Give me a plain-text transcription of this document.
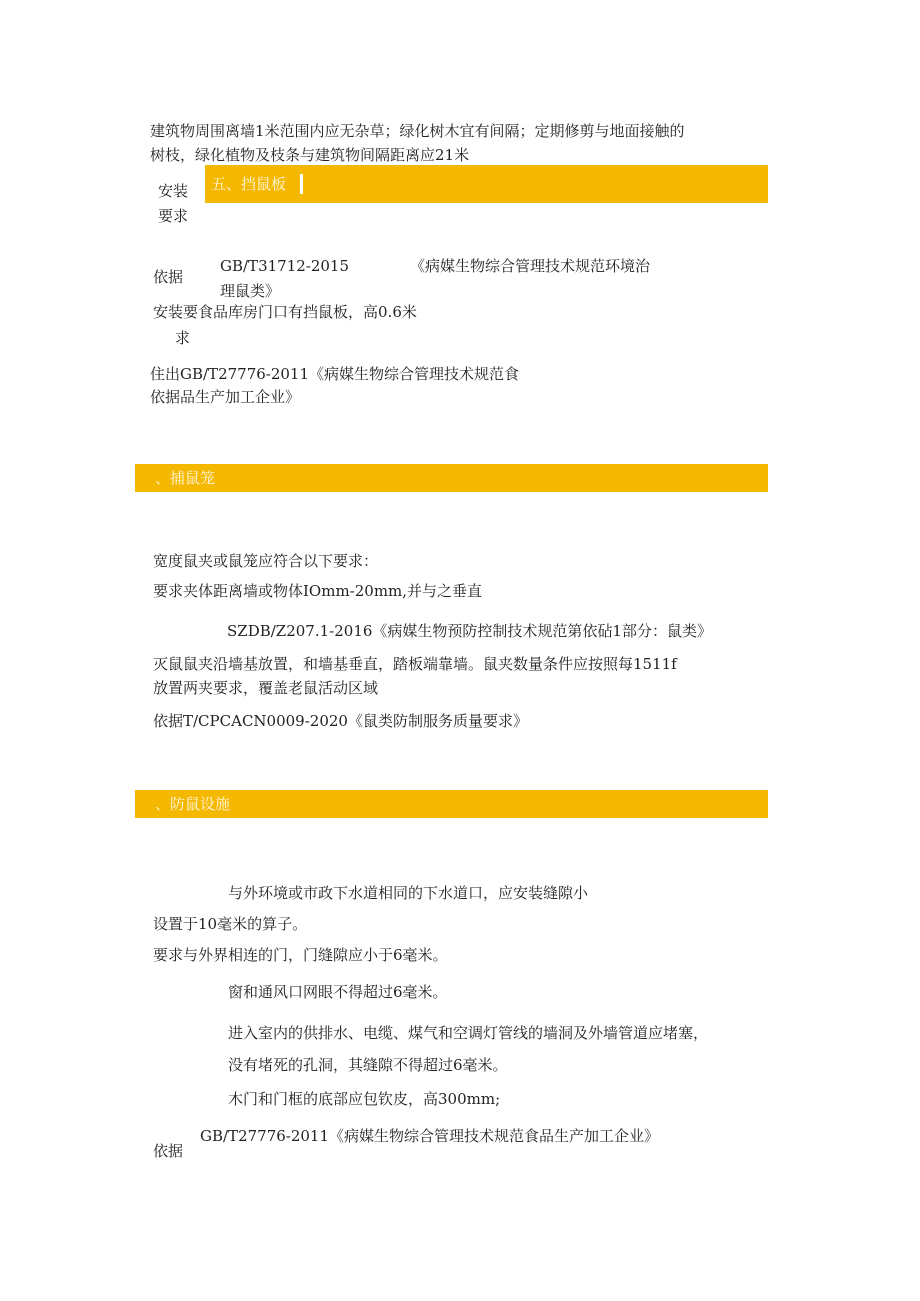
建筑物周围离墙1米范围内应无杂草；绿化树木宜有间隔；定期修剪与地面接触的
树枝，绿化植物及枝条与建筑物间隔距离应21米
安装
要求
五、挡鼠板
依据
GB/T31712-2015	《病媒生物综合管理技术规范环境治
理鼠类》
安装要食品库房门口有挡鼠板，高0.6米
求
住出GB/T27776-2011《病媒生物综合管理技术规范食
依据品生产加工企业》
、捕鼠笼
宽度鼠夹或鼠笼应符合以下要求：
要求夹体距离墙或物体IOmm-20mm,并与之垂直
SZDB/Z207.1-2016《病媒生物预防控制技术规范第依砧1部分：鼠类》
灭鼠鼠夹沿墙基放置，和墙基垂直，踏板端靠墙。鼠夹数量条件应按照每1511f
放置两夹要求，覆盖老鼠活动区域
依据T/CPCACN0009-2020《鼠类防制服务质量要求》
、防鼠设施
与外环境或市政下水道相同的下水道口，应安装缝隙小
设置于10毫米的算子。
要求与外界相连的门，门缝隙应小于6毫米。
窗和通风口网眼不得超过6毫米。
进入室内的供排水、电缆、煤气和空调灯管线的墙洞及外墙管道应堵塞，
没有堵死的孔洞，其缝隙不得超过6毫米。
木门和门框的底部应包钦皮，高300mm;
GB/T27776-2011《病媒生物综合管理技术规范食品生产加工企业》
依据
